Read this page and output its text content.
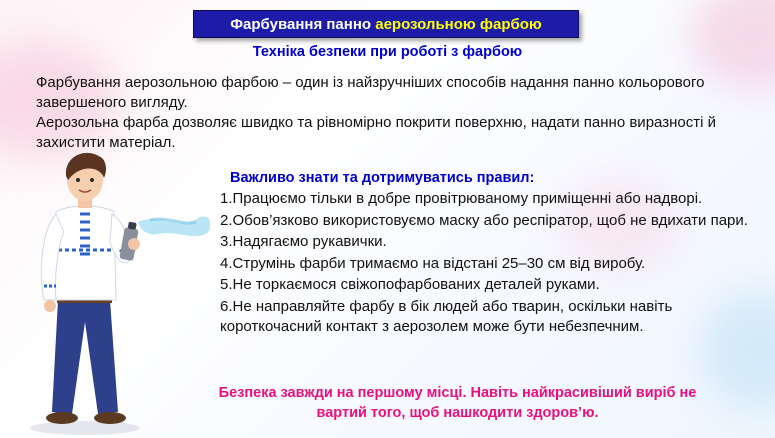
Фарбування панно аерозольною фарбою
Техніка безпеки при роботі з фарбою

Фарбування аерозольною фарбою – один із найзручніших способів надання панно кольорового завершеного вигляду.

Аерозольна фарба дозволяє швидко та рівномірно покрити поверхню, надати панно виразності й захистити матеріал.

Важливо знати та дотримуватись правил:
1.Працюємо тільки в добре провітрюваному приміщенні або надворі.
2.Обов’язково використовуємо маску або респіратор, щоб не вдихати пари.
3.Надягаємо рукавички.
4.Струмінь фарби тримаємо на відстані 25–30 см від виробу.
5.Не торкаємося свіжопофарбованих деталей руками.
6.Не направляйте фарбу в бік людей або тварин, оскільки навіть короткочасний контакт з аерозолем може бути небезпечним.

Безпека завжди на першому місці. Навіть найкрасивіший виріб не

вартий того, щоб нашкодити здоров’ю.
